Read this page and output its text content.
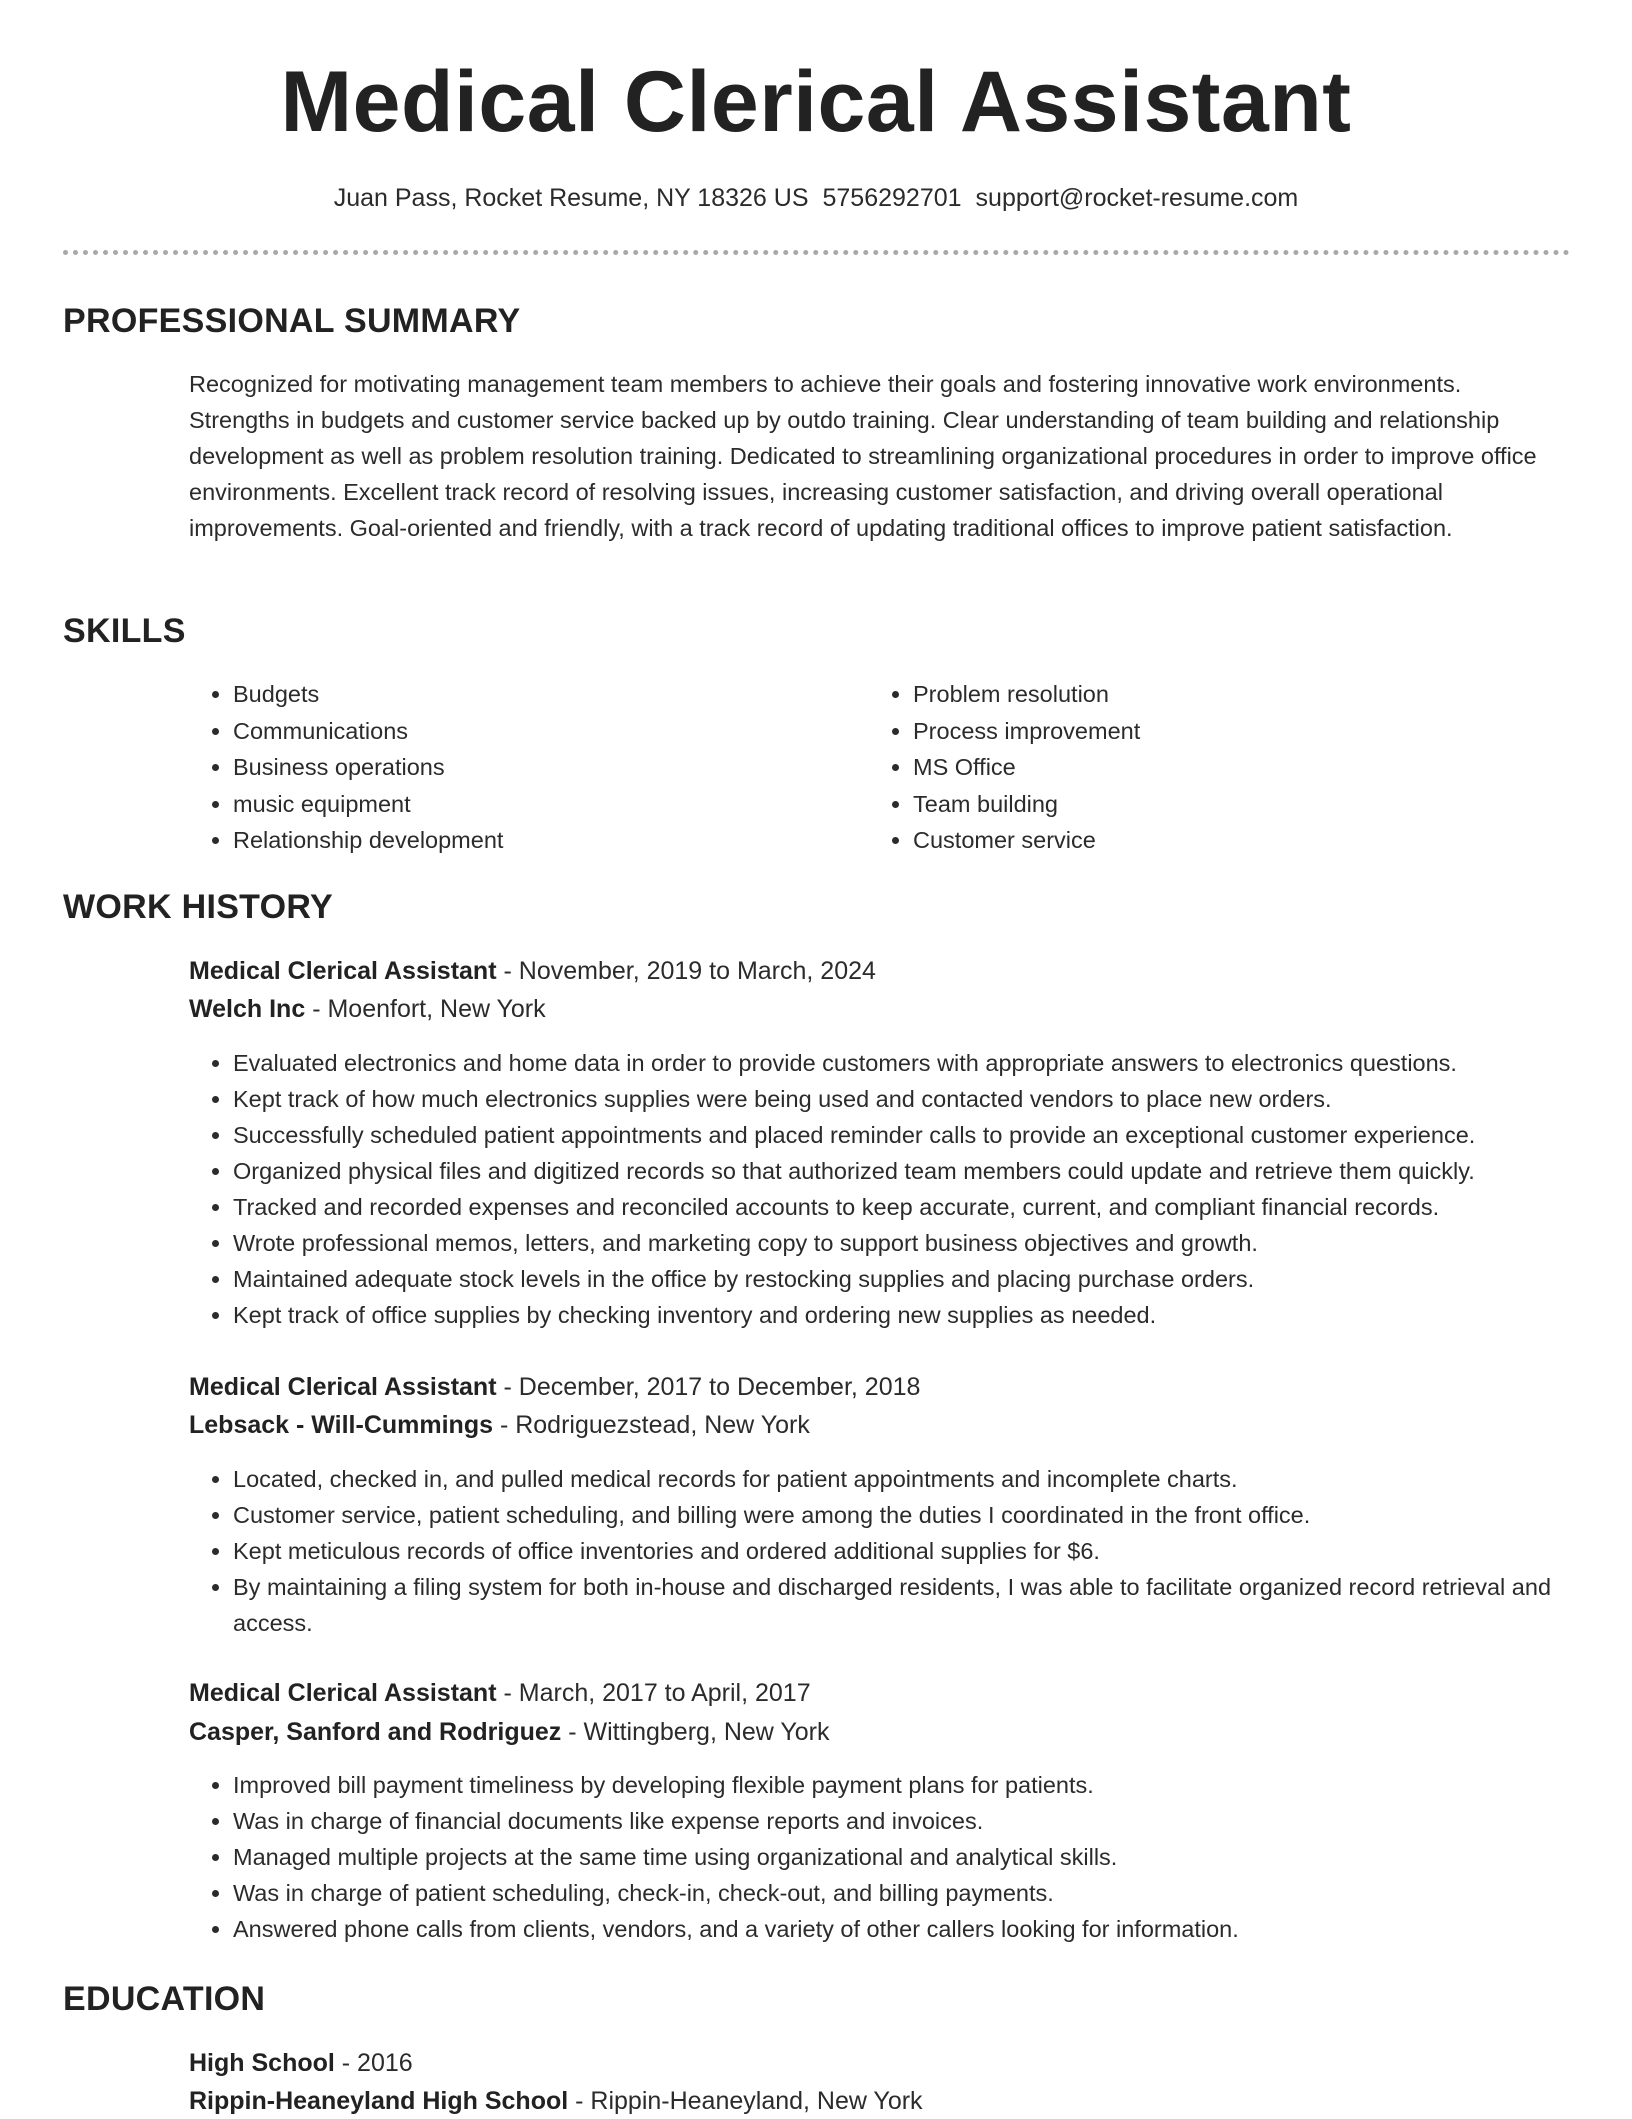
Medical Clerical Assistant
Juan Pass, Rocket Resume, NY 18326 US 5756292701 support@rocket-resume.com
PROFESSIONAL SUMMARY

Recognized for motivating management team members to achieve their goals and fostering innovative work environments. Strengths in budgets and customer service backed up by outdo training. Clear understanding of team building and relationship development as well as problem resolution training. Dedicated to streamlining organizational procedures in order to improve office environments. Excellent track record of resolving issues, increasing customer satisfaction, and driving overall operational improvements. Goal-oriented and friendly, with a track record of updating traditional offices to improve patient satisfaction.

SKILLS
• Budgets
• Communications
• Business operations
• music equipment
• Relationship development
• Problem resolution
• Process improvement
• MS Office
• Team building
• Customer service
WORK HISTORY
Medical Clerical Assistant - November, 2019 to March, 2024
Welch Inc - Moenfort, New York
• Evaluated electronics and home data in order to provide customers with appropriate answers to electronics questions.
• Kept track of how much electronics supplies were being used and contacted vendors to place new orders.
• Successfully scheduled patient appointments and placed reminder calls to provide an exceptional customer experience.
• Organized physical files and digitized records so that authorized team members could update and retrieve them quickly.
• Tracked and recorded expenses and reconciled accounts to keep accurate, current, and compliant financial records.
• Wrote professional memos, letters, and marketing copy to support business objectives and growth.
• Maintained adequate stock levels in the office by restocking supplies and placing purchase orders.
• Kept track of office supplies by checking inventory and ordering new supplies as needed.
Medical Clerical Assistant - December, 2017 to December, 2018
Lebsack - Will-Cummings - Rodriguezstead, New York
• Located, checked in, and pulled medical records for patient appointments and incomplete charts.
• Customer service, patient scheduling, and billing were among the duties I coordinated in the front office.
• Kept meticulous records of office inventories and ordered additional supplies for $6.
• By maintaining a filing system for both in-house and discharged residents, I was able to facilitate organized record retrieval and access.
Medical Clerical Assistant - March, 2017 to April, 2017
Casper, Sanford and Rodriguez - Wittingberg, New York
• Improved bill payment timeliness by developing flexible payment plans for patients.
• Was in charge of financial documents like expense reports and invoices.
• Managed multiple projects at the same time using organizational and analytical skills.
• Was in charge of patient scheduling, check-in, check-out, and billing payments.
• Answered phone calls from clients, vendors, and a variety of other callers looking for information.
EDUCATION
High School - 2016
Rippin-Heaneyland High School - Rippin-Heaneyland, New York
